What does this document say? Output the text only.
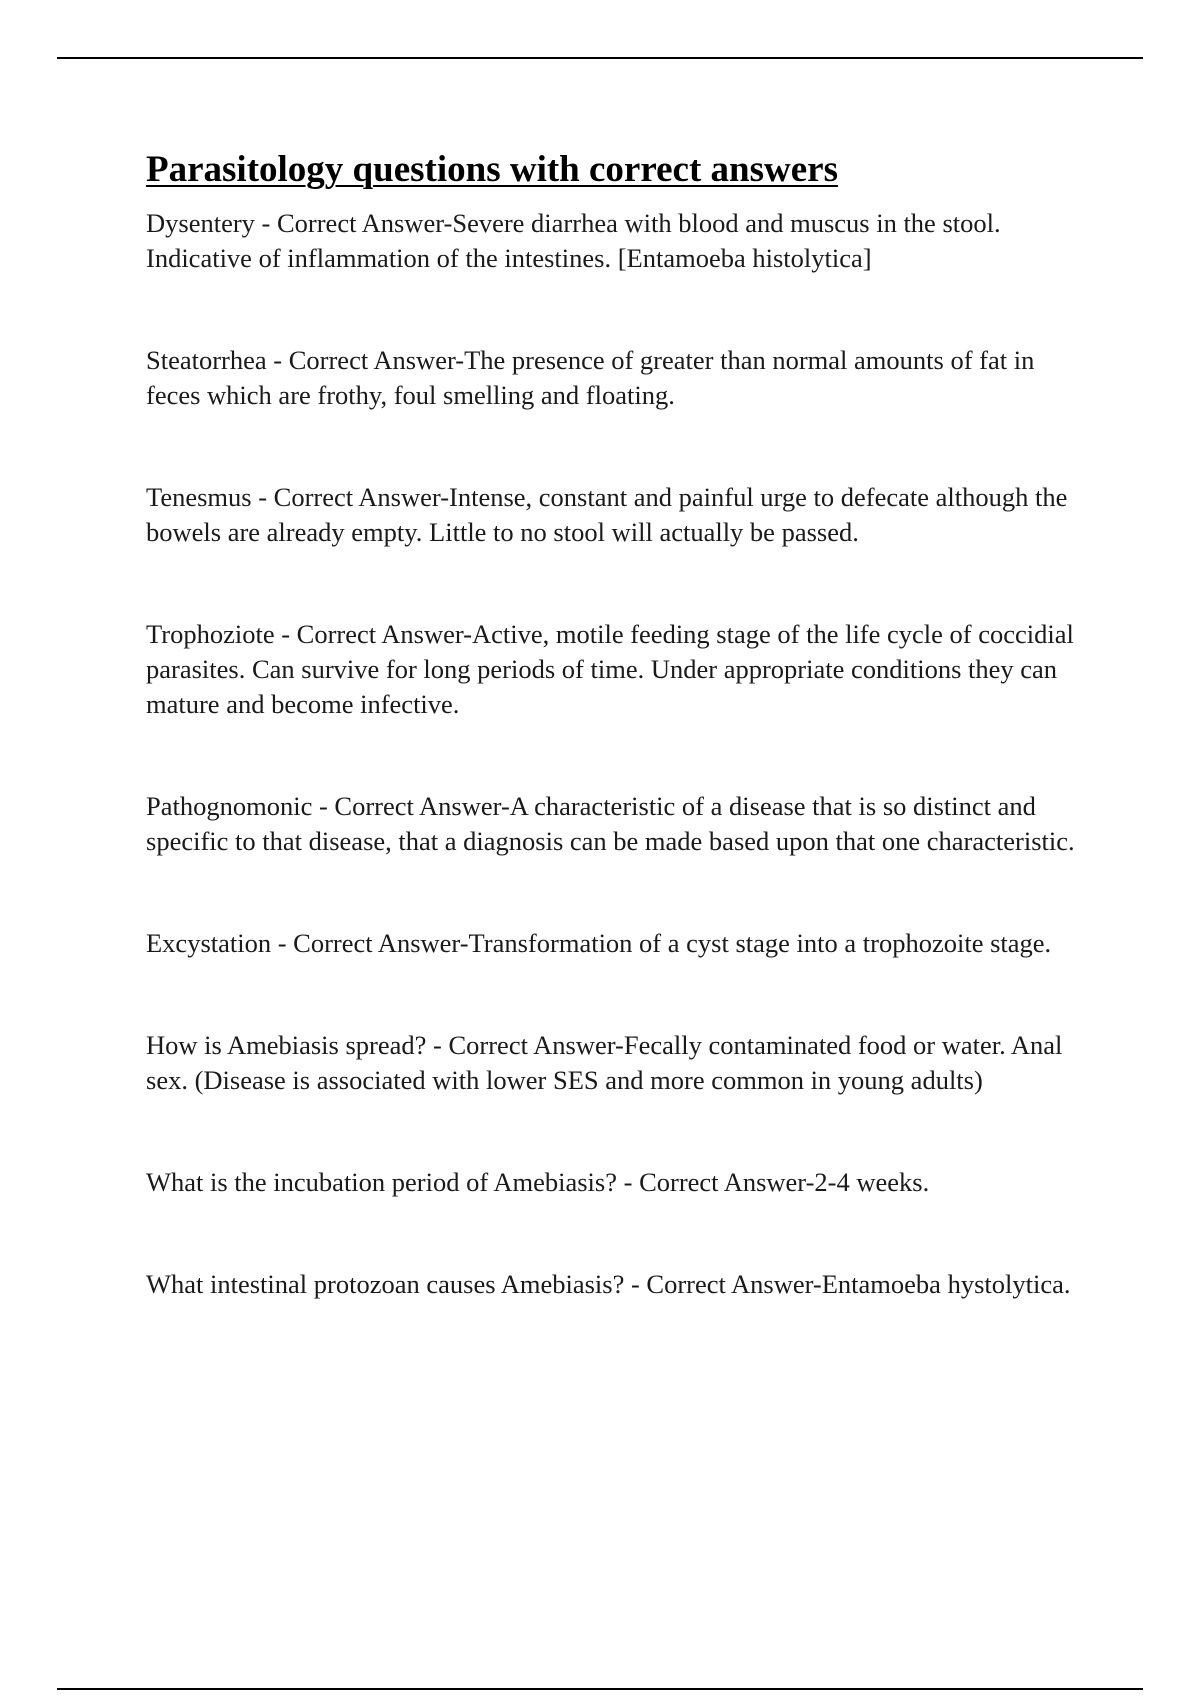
Parasitology questions with correct answers
Dysentery - Correct Answer-Severe diarrhea with blood and muscus in the stool. Indicative of inflammation of the intestines. [Entamoeba histolytica]
Steatorrhea - Correct Answer-The presence of greater than normal amounts of fat in feces which are frothy, foul smelling and floating.
Tenesmus - Correct Answer-Intense, constant and painful urge to defecate although the bowels are already empty. Little to no stool will actually be passed.
Trophoziote - Correct Answer-Active, motile feeding stage of the life cycle of coccidial parasites. Can survive for long periods of time. Under appropriate conditions they can mature and become infective.
Pathognomonic - Correct Answer-A characteristic of a disease that is so distinct and specific to that disease, that a diagnosis can be made based upon that one characteristic.
Excystation - Correct Answer-Transformation of a cyst stage into a trophozoite stage.
How is Amebiasis spread? - Correct Answer-Fecally contaminated food or water. Anal sex. (Disease is associated with lower SES and more common in young adults)
What is the incubation period of Amebiasis? - Correct Answer-2-4 weeks.
What intestinal protozoan causes Amebiasis? - Correct Answer-Entamoeba hystolytica.
